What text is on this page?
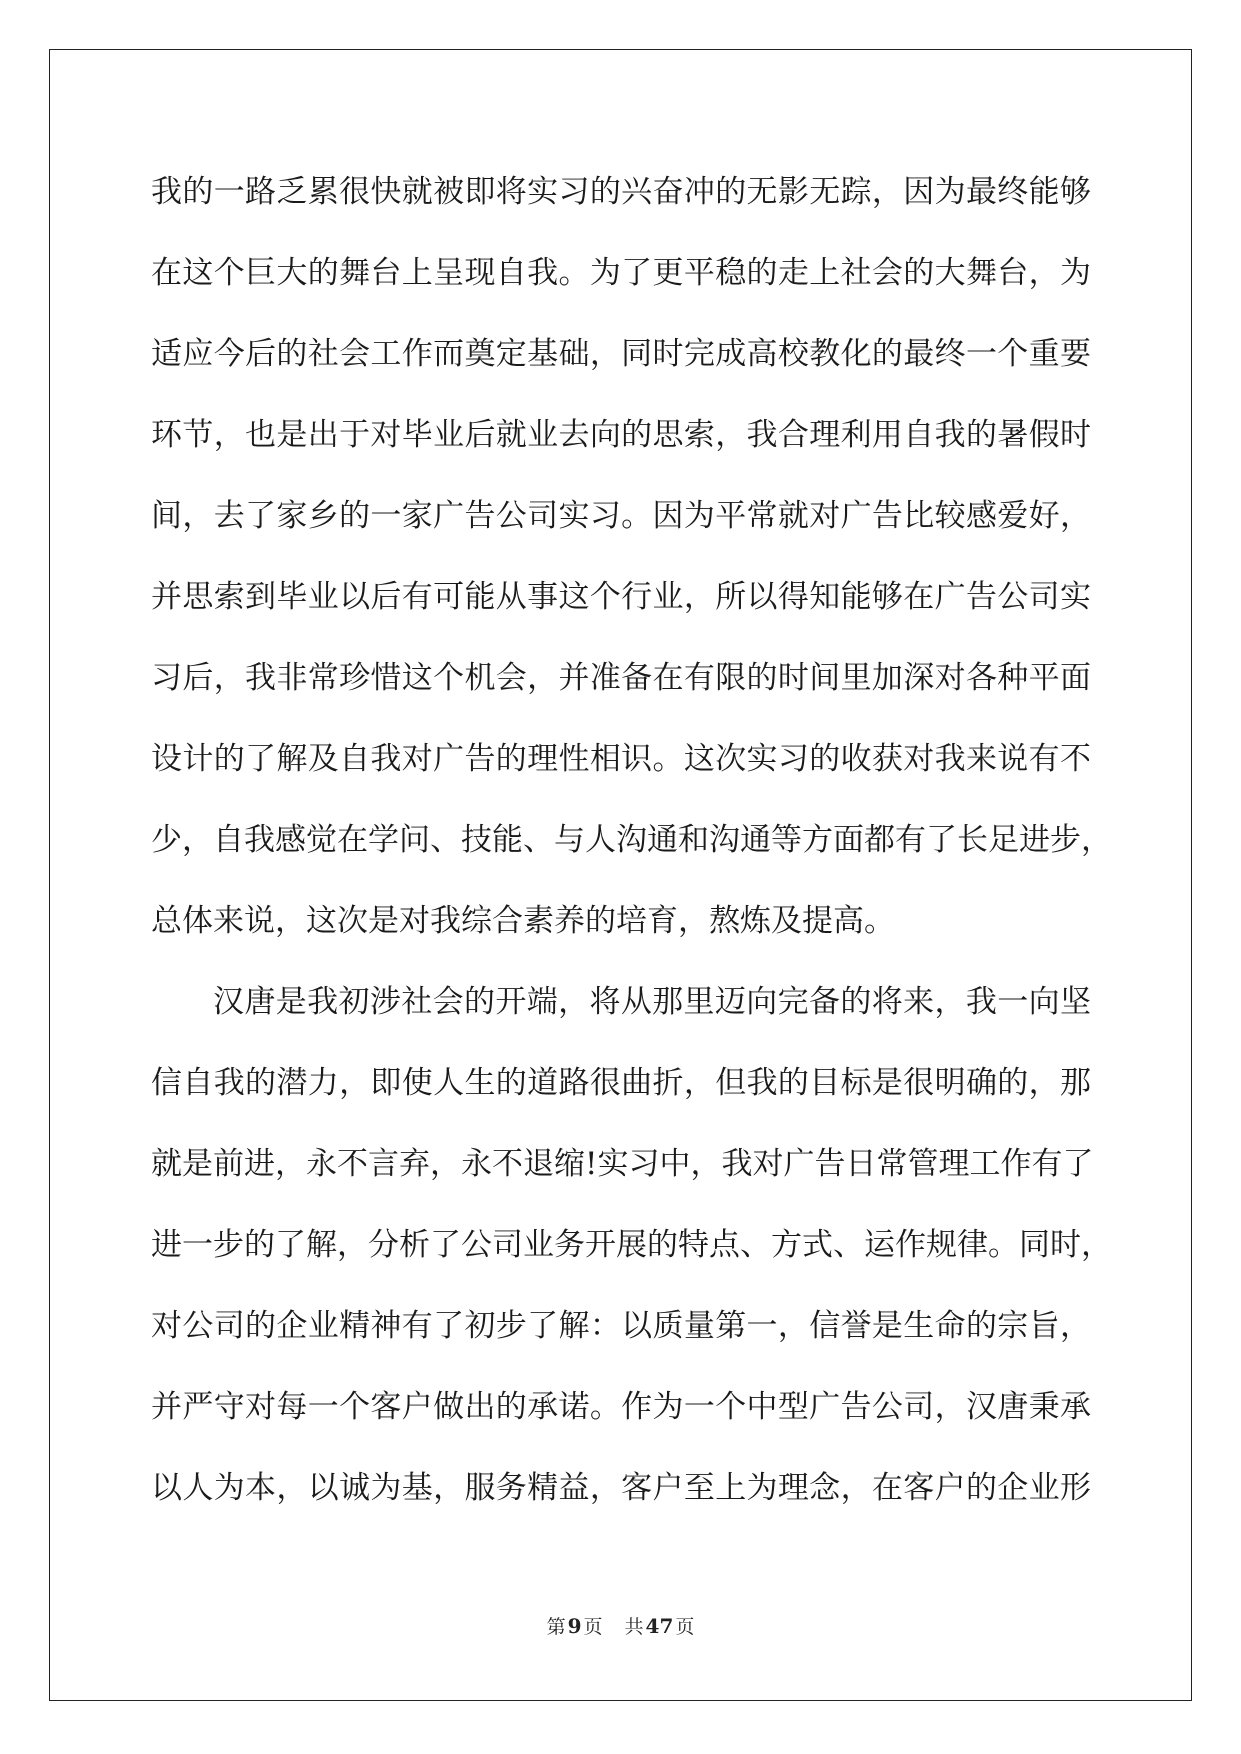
我的一路乏累很快就被即将实习的兴奋冲的无影无踪，因为最终能够
在这个巨大的舞台上呈现自我。为了更平稳的走上社会的大舞台，为
适应今后的社会工作而奠定基础，同时完成高校教化的最终一个重要
环节，也是出于对毕业后就业去向的思索，我合理利用自我的暑假时
间，去了家乡的一家广告公司实习。因为平常就对广告比较感爱好，
并思索到毕业以后有可能从事这个行业，所以得知能够在广告公司实
习后，我非常珍惜这个机会，并准备在有限的时间里加深对各种平面
设计的了解及自我对广告的理性相识。这次实习的收获对我来说有不
少，自我感觉在学问、技能、与人沟通和沟通等方面都有了长足进步，
总体来说，这次是对我综合素养的培育，熬炼及提高。
汉唐是我初涉社会的开端，将从那里迈向完备的将来，我一向坚
信自我的潜力，即使人生的道路很曲折，但我的目标是很明确的，那
就是前进，永不言弃，永不退缩!实习中，我对广告日常管理工作有了
进一步的了解，分析了公司业务开展的特点、方式、运作规律。同时，
对公司的企业精神有了初步了解：以质量第一，信誉是生命的宗旨，
并严守对每一个客户做出的承诺。作为一个中型广告公司，汉唐秉承
以人为本，以诚为基，服务精益，客户至上为理念，在客户的企业形
第 9 页 共 47 页
